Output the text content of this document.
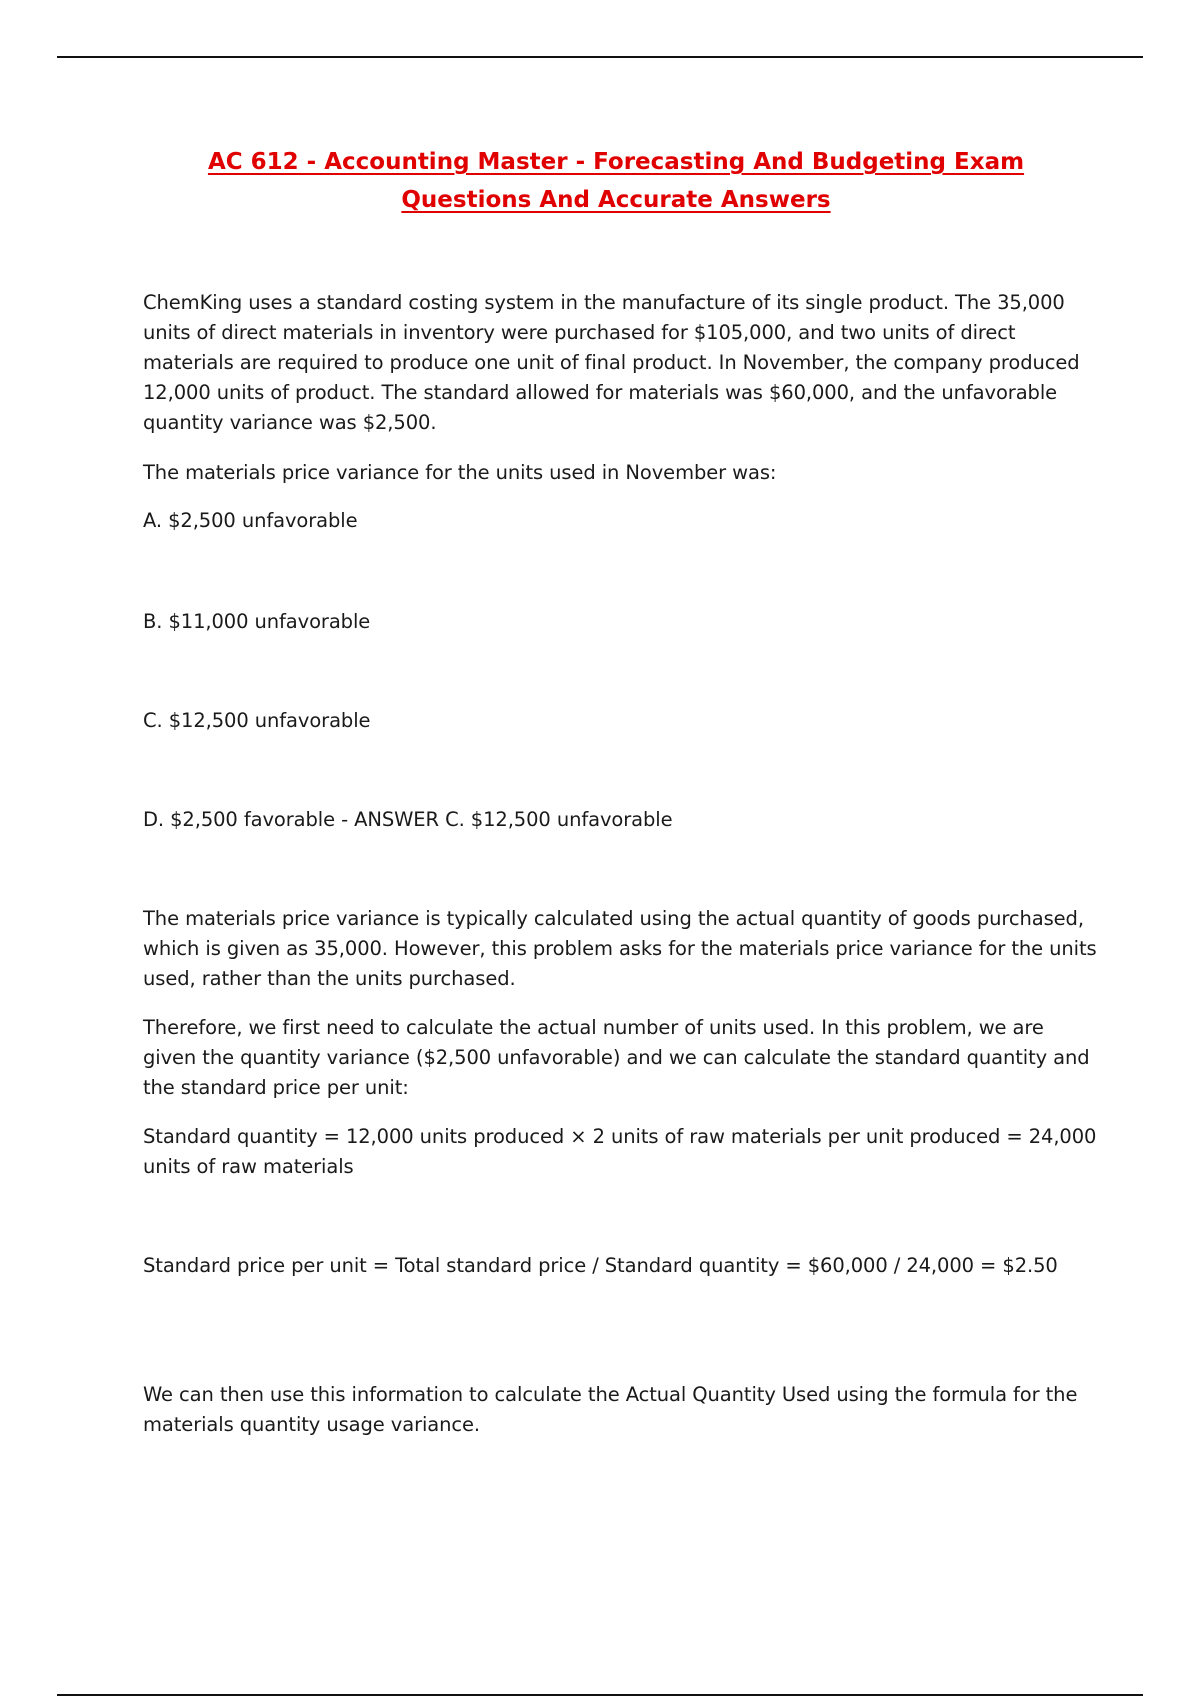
AC 612 - Accounting Master - Forecasting And Budgeting Exam
Questions And Accurate Answers

ChemKing uses a standard costing system in the manufacture of its single product. The 35,000 units of direct materials in inventory were purchased for $105,000, and two units of direct materials are required to produce one unit of final product. In November, the company produced 12,000 units of product. The standard allowed for materials was $60,000, and the unfavorable quantity variance was $2,500.

The materials price variance for the units used in November was:

A. $2,500 unfavorable

B. $11,000 unfavorable

C. $12,500 unfavorable

D. $2,500 favorable - ANSWER C. $12,500 unfavorable

The materials price variance is typically calculated using the actual quantity of goods purchased, which is given as 35,000. However, this problem asks for the materials price variance for the units used, rather than the units purchased.

Therefore, we first need to calculate the actual number of units used. In this problem, we are given the quantity variance ($2,500 unfavorable) and we can calculate the standard quantity and the standard price per unit:

Standard quantity = 12,000 units produced × 2 units of raw materials per unit produced = 24,000 units of raw materials

Standard price per unit = Total standard price / Standard quantity = $60,000 / 24,000 = $2.50

We can then use this information to calculate the Actual Quantity Used using the formula for the materials quantity usage variance.
